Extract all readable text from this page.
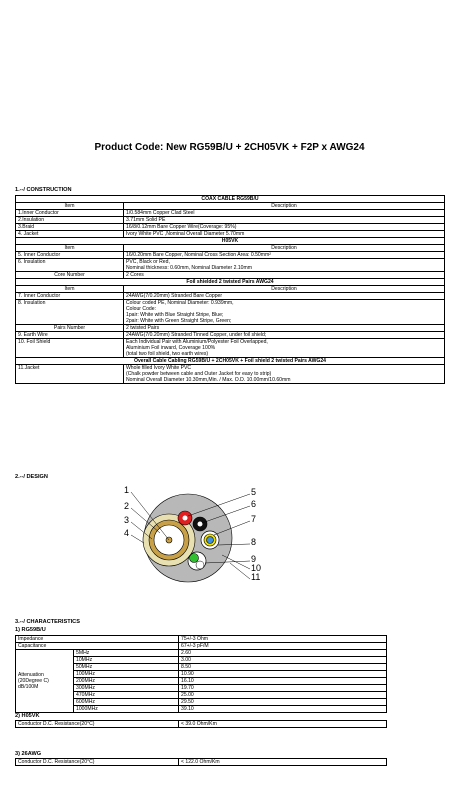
Product Code: New RG59B/U + 2CH05VK + F2P x AWG24
1.--/ CONSTRUCTION
COAX CABLE RG59B/U	
Item	Description
1.Inner Conductor	1/0.584mm Copper Clad Steel

2.Insulation	3.71mm Solid PE

3.Braid	16/8/0.12mm Bare Copper Wire(Coverage: 95%)

4. Jacket	Ivory White PVC ,Nominal Overall Diameter 5.70mm

H05VK	
Item	Description
5. Inner Conductor	16/0.20mm Bare Copper, Nominal Cross Section Area: 0.50mm²

6. Insulation	PVC, Black or Red,
Nominal thickness: 0.60mm, Nominal Diameter 2.10mm

Core Number	2 Cores

Foil shielded 2 twisted Pairs AWG24	
Item	Description
7. Inner Conductor	24AWG(7/0.20mm) Stranded Bare Copper

8. Insulation	Colour coded PE, Nominal Diameter: 0.939mm,
Colour Code:
1pair: White with Blue Straight Stripe, Blue;
2pair: White with Green Straight Stripe, Green;

Pairs Number	2 twisted Pairs

9. Earth Wire	24AWG(7/0.20mm) Stranded Tinned Copper, under foil shield;

10. Foil Shield	Each Individual Pair with Aluminium/Polyester Foil Overlapped,
Aluminium Foil inward, Coverage 100%
(total two foil shield, two earth wires)

Overall Cable Cabling RG59B/U + 2CH05VK + Foil shield 2 twisted Pairs AWG24	
11.Jacket	Whole filled Ivory White PVC
(Chalk powder between cable and Outer Jacket for easy to strip)
Nominal Overall Diameter 10.30mm,Min. / Max. O.D. 10.00mm/10.60mm
2.--/ DESIGN
1
2
3
4
5
6
7
8
9
10
11
3.--/ CHARACTERISTICS
1) RG59B/U
Impedance		75+/-3 Ohm
Capacitance		67+/-3 pF/M

Attenuation
(20Degree C)
dB/100M	5MHz	2.60
	10MHz	3.00
	50MHz	8.50
	100MHz	10.90
	200MHz	16.10
	300MHz	19.70
	470MHz	25.00
	600MHz	29.50
	1000MHz	39.10
2) H05VK
Conductor D.C. Resistance(20°C)	< 39.0 Ohm/Km
3) 26AWG
Conductor D.C. Resistance(20°C)	< 122.0 Ohm/Km
